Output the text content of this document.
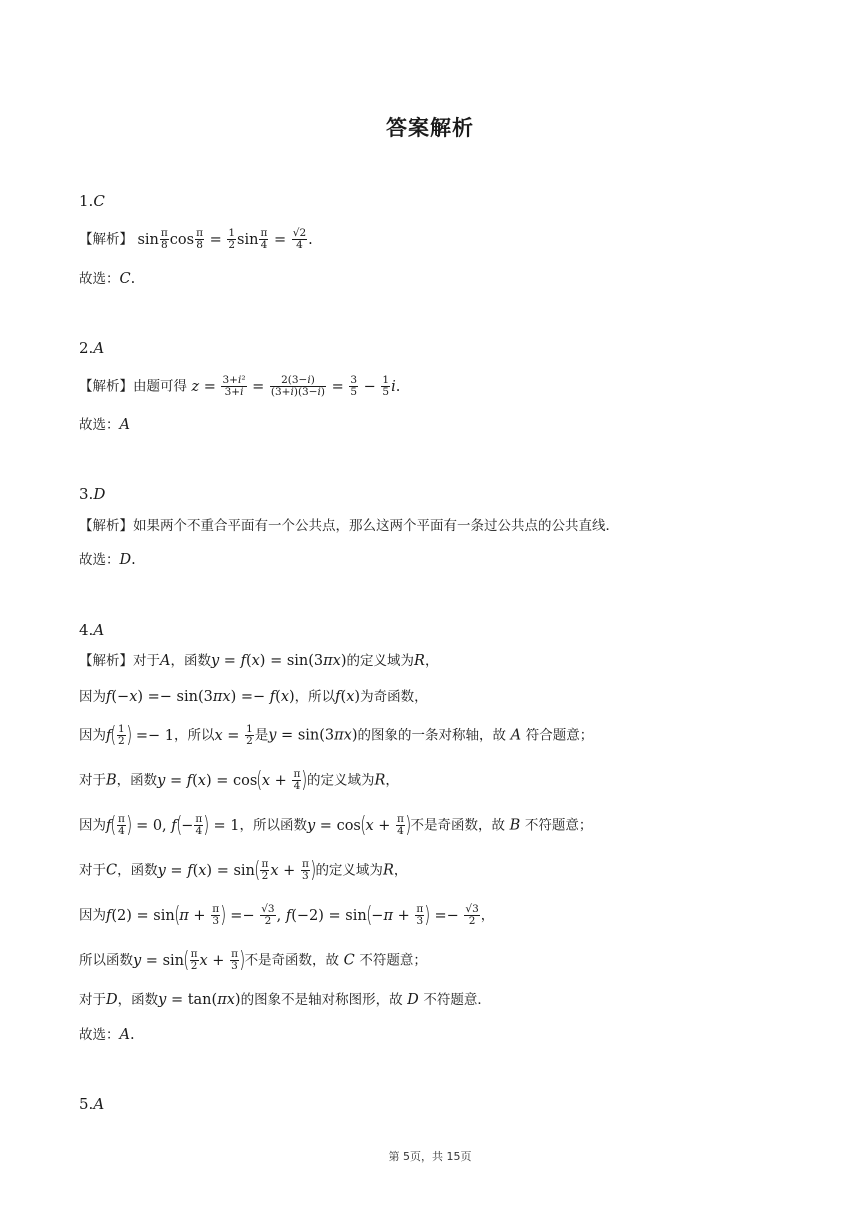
答案解析
1.C
【解析】 $\sin \frac{\pi}{8}$ $\cos \frac{\pi}{8} = \frac{1}{2}$ $\sin \frac{\pi}{4} = \frac{√2}{4}$ .
故选：C.
2.A
【解析】由题可得 $z = \frac{\text{3+i²}}{3+i} = \frac{2(3-i)}{(3+i)(3-i)} = \frac{3}{5} - \frac{1}{5} i$.
故选：A
3.D
【解析】如果两个不重合平面有一个公共点，那么这两个平面有一条过公共点的公共直线．
故选：D.
4.A
【解析】对于A，函数y = f(x) = sin(3πx)的定义域为R，
因为f(−x) =− sin(3πx) =− f(x)，所以f(x)为奇函数，
因为$f( \frac{1}{2}$ ) =− 1，所以$x = \frac{1}{2}$ 是y = sin(3πx)的图象的一条对称轴，故 A 符合题意；
对于B，函数$y = f(x) = \cos(x + \frac{\pi}{4}$ )的定义域为R，
因为$f( \frac{\pi}{4}$ ) = 0, $f(- \frac{\pi}{4}$ ) = 1，所以函数$y = \cos(x + \frac{\pi}{4}$ )不是奇函数，故 B 不符题意；
对于C，函数$y = f(x) = \sin( \frac{\pi}{2}$ $x + \frac{\pi}{3}$ )的定义域为R，
因为$f(2) = \sin(\pi + \frac{\pi}{3}$ ) =− $\frac{√3}{2}$ , $f(-2) = \sin(-\pi + \frac{\pi}{3}$ ) =− $\frac{√3}{2}$ ，
所以函数$y = \sin( \frac{\pi}{2}$ $x + \frac{\pi}{3}$ )不是奇函数，故 C 不符题意；
对于D，函数y = tan(πx)的图象不是轴对称图形，故 D 不符题意．
故选：A.
5.A
第 5页，共 15页
